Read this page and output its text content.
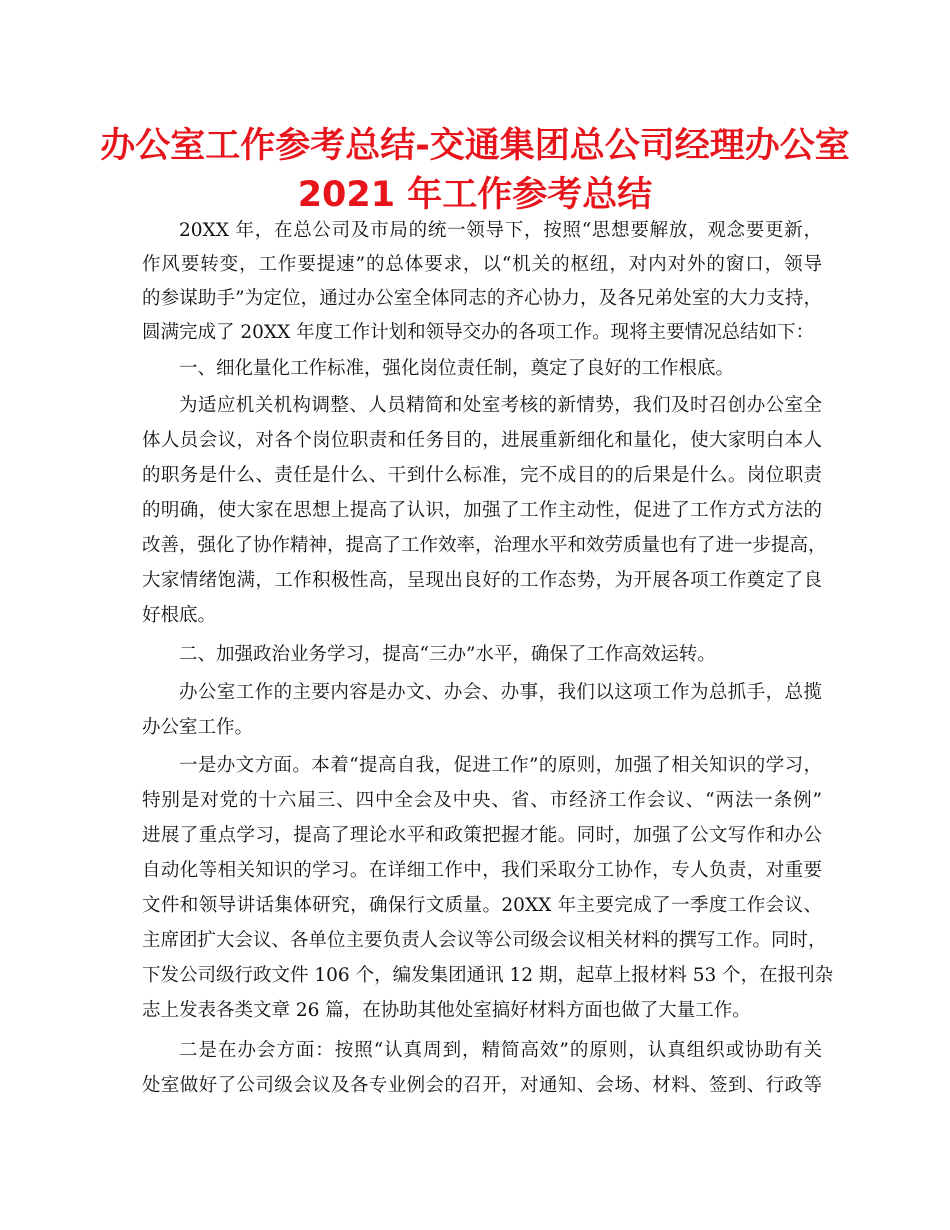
办公室工作参考总结-交通集团总公司经理办公室
2021 年工作参考总结
20XX 年，在总公司及市局的统一领导下，按照“思想要解放，观念要更新，
作风要转变，工作要提速”的总体要求，以“机关的枢纽，对内对外的窗口，领导
的参谋助手”为定位，通过办公室全体同志的齐心协力，及各兄弟处室的大力支持，
圆满完成了 20XX 年度工作计划和领导交办的各项工作。现将主要情况总结如下：
一、细化量化工作标准，强化岗位责任制，奠定了良好的工作根底。
为适应机关机构调整、人员精简和处室考核的新情势，我们及时召创办公室全
体人员会议，对各个岗位职责和任务目的，进展重新细化和量化，使大家明白本人
的职务是什么、责任是什么、干到什么标准，完不成目的的后果是什么。岗位职责
的明确，使大家在思想上提高了认识，加强了工作主动性，促进了工作方式方法的
改善，强化了协作精神，提高了工作效率，治理水平和效劳质量也有了进一步提高，
大家情绪饱满，工作积极性高，呈现出良好的工作态势，为开展各项工作奠定了良
好根底。
二、加强政治业务学习，提高“三办”水平，确保了工作高效运转。
办公室工作的主要内容是办文、办会、办事，我们以这项工作为总抓手，总揽
办公室工作。
一是办文方面。本着“提高自我，促进工作”的原则，加强了相关知识的学习，
特别是对党的十六届三、四中全会及中央、省、市经济工作会议、“两法一条例”
进展了重点学习，提高了理论水平和政策把握才能。同时，加强了公文写作和办公
自动化等相关知识的学习。在详细工作中，我们采取分工协作，专人负责，对重要
文件和领导讲话集体研究，确保行文质量。20XX 年主要完成了一季度工作会议、
主席团扩大会议、各单位主要负责人会议等公司级会议相关材料的撰写工作。同时，
下发公司级行政文件 106 个，编发集团通讯 12 期，起草上报材料 53 个，在报刊杂
志上发表各类文章 26 篇，在协助其他处室搞好材料方面也做了大量工作。
二是在办会方面：按照“认真周到，精简高效”的原则，认真组织或协助有关
处室做好了公司级会议及各专业例会的召开，对通知、会场、材料、签到、行政等
